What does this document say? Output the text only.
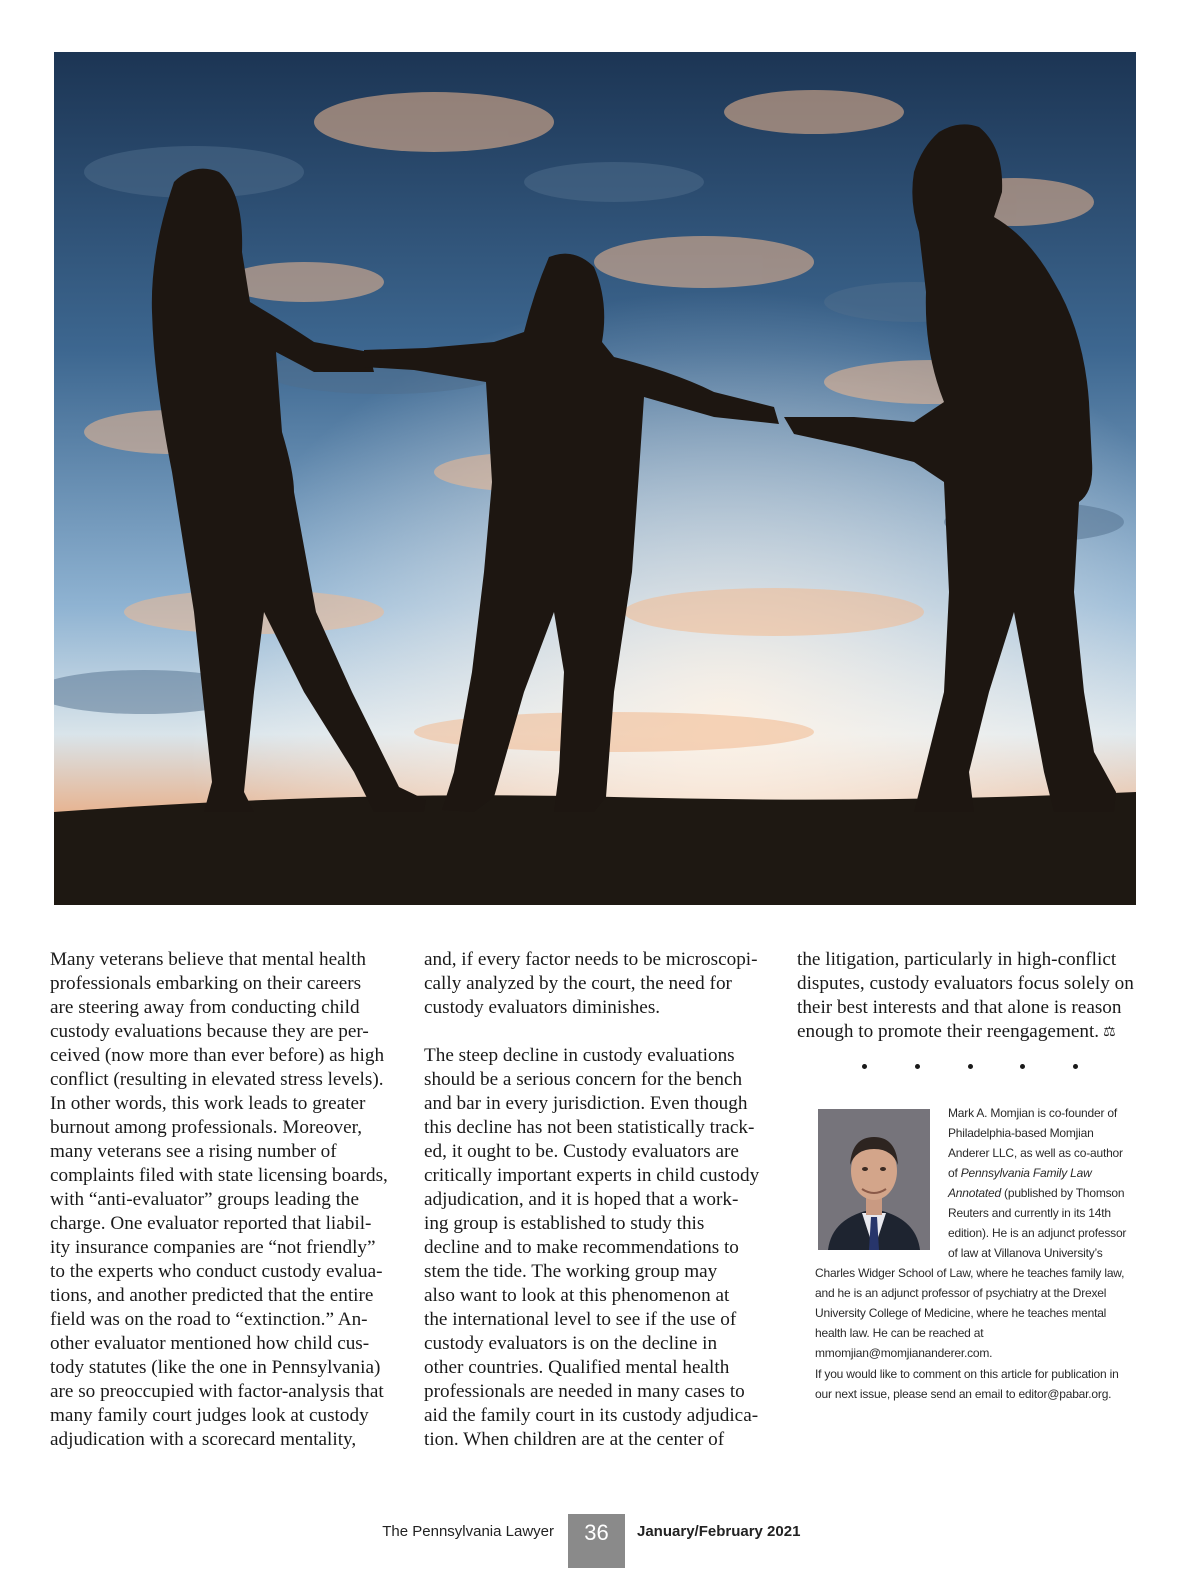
Many veterans believe that mental health
professionals embarking on their careers
are steering away from conducting child
custody evaluations because they are per-
ceived (now more than ever before) as high
conflict (resulting in elevated stress levels).
In other words, this work leads to greater
burnout among professionals. Moreover,
many veterans see a rising number of
complaints filed with state licensing boards,
with “anti-evaluator” groups leading the
charge. One evaluator reported that liabil-
ity insurance companies are “not friendly”
to the experts who conduct custody evalua-
tions, and another predicted that the entire
field was on the road to “extinction.” An-
other evaluator mentioned how child cus-
tody statutes (like the one in Pennsylvania)
are so preoccupied with factor-analysis that
many family court judges look at custody
adjudication with a scorecard mentality,

and, if every factor needs to be microscopi-
cally analyzed by the court, the need for
custody evaluators diminishes.

The steep decline in custody evaluations
should be a serious concern for the bench
and bar in every jurisdiction. Even though
this decline has not been statistically track-
ed, it ought to be. Custody evaluators are
critically important experts in child custody
adjudication, and it is hoped that a work-
ing group is established to study this
decline and to make recommendations to
stem the tide. The working group may
also want to look at this phenomenon at
the international level to see if the use of
custody evaluators is on the decline in
other countries. Qualified mental health
professionals are needed in many cases to
aid the family court in its custody adjudica-
tion. When children are at the center of

the litigation, particularly in high-conflict
disputes, custody evaluators focus solely on
their best interests and that alone is reason
enough to promote their reengagement. ⚖

Mark A. Momjian is co-founder of Philadelphia-based Momjian Anderer LLC, as well as co-author of Pennsylvania Family Law Annotated (published by Thomson Reuters and currently in its 14th edition). He is an adjunct professor of law at Villanova University’s Charles Widger School of Law, where he teaches family law, and he is an adjunct professor of psychiatry at the Drexel University College of Medicine, where he teaches mental health law. He can be reached at mmomjian@momjiananderer.com.
If you would like to comment on this article for publication in our next issue, please send an email to editor@pabar.org.
The Pennsylvania Lawyer	36	January/February 2021
